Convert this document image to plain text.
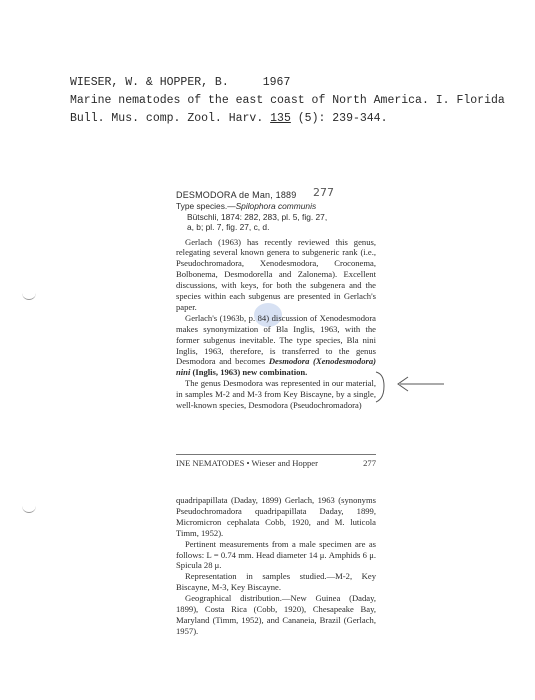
WIESER, W. & HOPPER, B.	1967
Marine nematodes of the east coast of North America. I. Florida
Bull. Mus. comp. Zool. Harv. 135 (5): 239-344.
DESMODORA de Man, 1889 277
Type species.—Spilophora communis
Bütschli, 1874: 282, 283, pl. 5, fig. 27,
a, b; pl. 7, fig. 27, c, d.

Gerlach (1963) has recently reviewed this genus, relegating several known genera to subgeneric rank (i.e., Pseudochromadora, Xenodesmodora, Croconema, Bolbonema, Desmodorella and Zalonema). Excellent discussions, with keys, for both the subgenera and the species within each subgenus are presented in Gerlach's paper.

Gerlach's (1963b, p. 84) discussion of Xenodesmodora makes synonymization of Bla Inglis, 1963, with the former subgenus inevitable. The type species, Bla nini Inglis, 1963, therefore, is transferred to the genus Desmodora and becomes Desmodora (Xenodesmodora) nini (Inglis, 1963) new combination.

The genus Desmodora was represented in our material, in samples M-2 and M-3 from Key Biscayne, by a single, well-known species, Desmodora (Pseudochromadora)

INE NEMATODES • Wieser and Hopper	277

quadripapillata (Daday, 1899) Gerlach, 1963 (synonyms Pseudochromadora quadripapillata Daday, 1899, Micromicron cephalata Cobb, 1920, and M. luticola Timm, 1952).

Pertinent measurements from a male specimen are as follows: L = 0.74 mm. Head diameter 14 μ. Amphids 6 μ. Spicula 28 μ.

Representation in samples studied.—M-2, Key Biscayne, M-3, Key Biscayne.

Geographical distribution.—New Guinea (Daday, 1899), Costa Rica (Cobb, 1920), Chesapeake Bay, Maryland (Timm, 1952), and Cananeia, Brazil (Gerlach, 1957).
